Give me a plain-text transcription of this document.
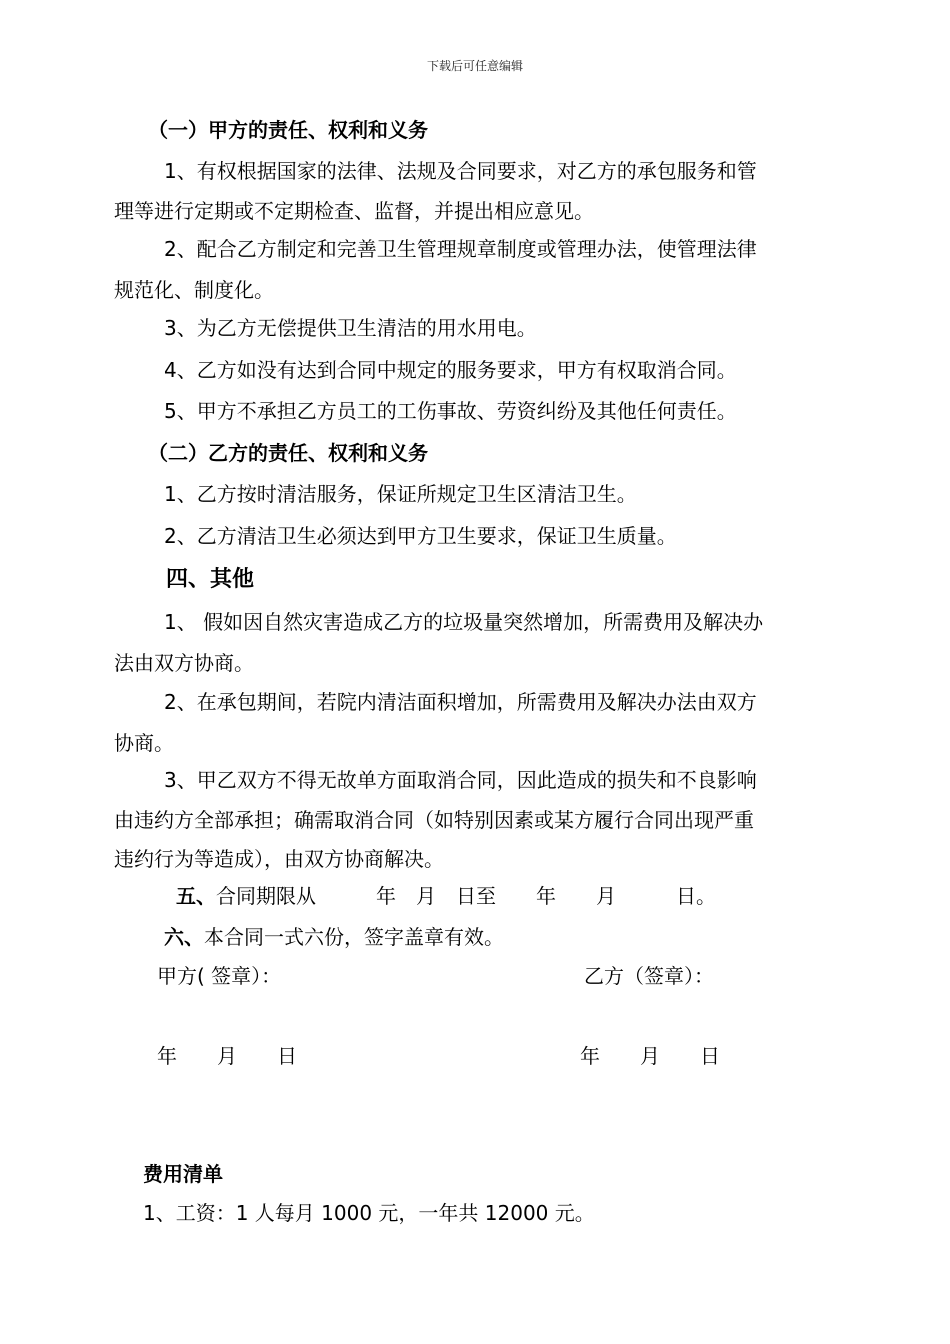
下载后可任意编辑
（一）甲方的责任、权利和义务
1、有权根据国家的法律、法规及合同要求，对乙方的承包服务和管
理等进行定期或不定期检查、监督，并提出相应意见。
2、配合乙方制定和完善卫生管理规章制度或管理办法，使管理法律
规范化、制度化。
3、为乙方无偿提供卫生清洁的用水用电。
4、乙方如没有达到合同中规定的服务要求，甲方有权取消合同。
5、甲方不承担乙方员工的工伤事故、劳资纠纷及其他任何责任。
（二）乙方的责任、权利和义务
1、乙方按时清洁服务，保证所规定卫生区清洁卫生。
2、乙方清洁卫生必须达到甲方卫生要求，保证卫生质量。
四、其他
1、 假如因自然灾害造成乙方的垃圾量突然增加，所需费用及解决办
法由双方协商。
2、在承包期间，若院内清洁面积增加，所需费用及解决办法由双方
协商。
3、甲乙双方不得无故单方面取消合同，因此造成的损失和不良影响
由违约方全部承担；确需取消合同（如特别因素或某方履行合同出现严重
违约行为等造成），由双方协商解决。
五、合同期限从　　　年　月　日至　　年　　月　　　日。
六、本合同一式六份，签字盖章有效。
甲方( 签章）：	乙方（签章）：
年　　月　　日	年　　月　　日
费用清单
1、工资：1 人每月 1000 元，一年共 12000 元。
